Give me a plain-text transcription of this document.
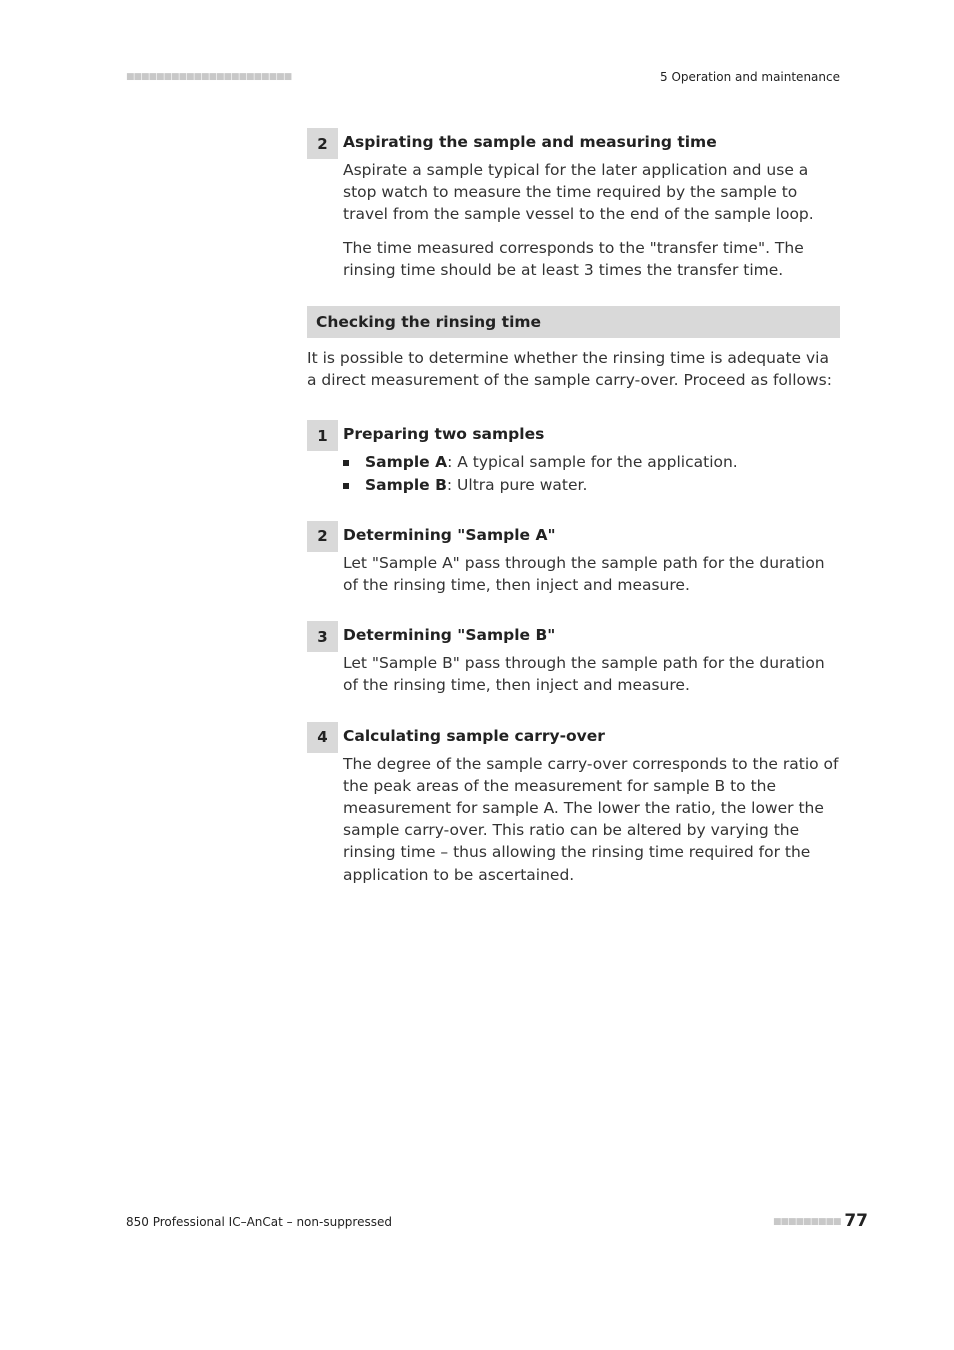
■■■■■■■■■■■■■■■■■■■■■■	5 Operation and maintenance
2 Aspirating the sample and measuring time

Aspirate a sample typical for the later application and use a stop watch to measure the time required by the sample to travel from the sample vessel to the end of the sample loop.

The time measured corresponds to the "transfer time". The rinsing time should be at least 3 times the transfer time.

Checking the rinsing time
It is possible to determine whether the rinsing time is adequate via a direct measurement of the sample carry-over. Proceed as follows:
1 Preparing two samples
Sample A: A typical sample for the application.
Sample B: Ultra pure water.
2 Determining "Sample A"

Let "Sample A" pass through the sample path for the duration of the rinsing time, then inject and measure.

3 Determining "Sample B"

Let "Sample B" pass through the sample path for the duration of the rinsing time, then inject and measure.

4 Calculating sample carry-over

The degree of the sample carry-over corresponds to the ratio of the peak areas of the measurement for sample B to the measurement for sample A. The lower the ratio, the lower the sample carry-over. This ratio can be altered by varying the rinsing time – thus allowing the rinsing time required for the application to be ascertained.

850 Professional IC–AnCat – non-suppressed	■■■■■■■■■ 77
